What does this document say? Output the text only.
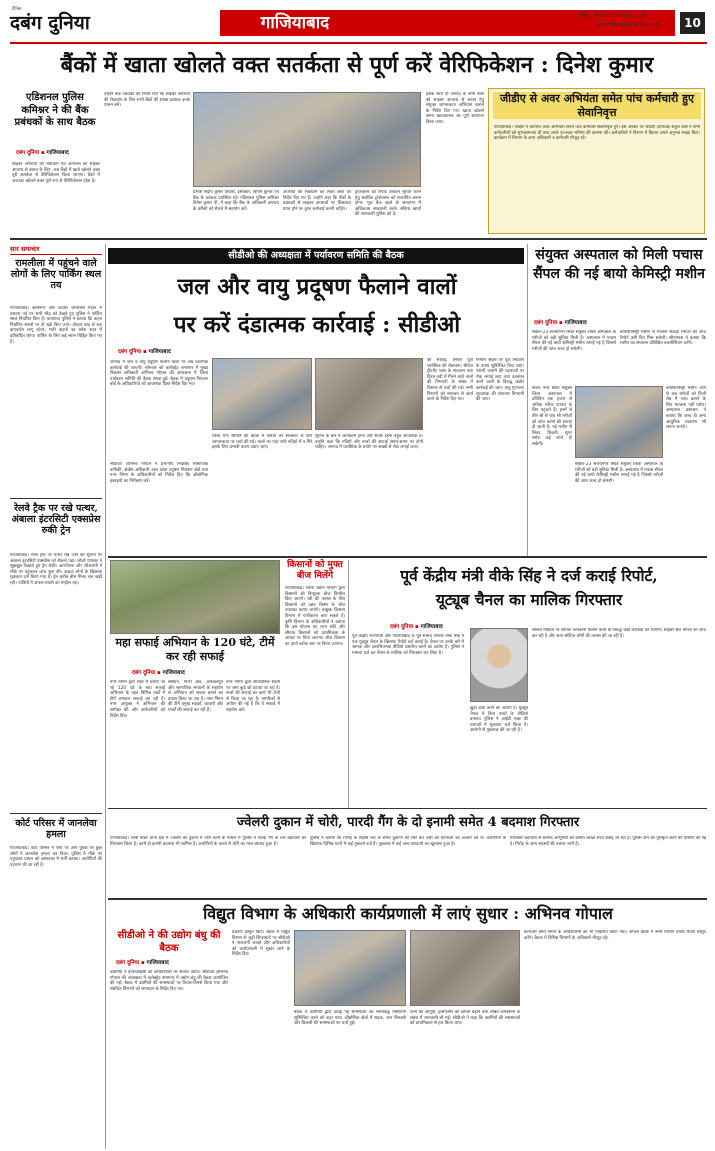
दैनिक
दबंग दुनिया	गाजियाबाद	रायपुर, मंगलवार । अक्टूबर 2024
www.dabangdunia.co.in	10
बैंकों में खाता खोलते वक्त सतर्कता से पूर्ण करें वेरिफिकेशन : दिनेश कुमार
एडिशनल पुलिस कमिश्नर ने की बैंक प्रबंधकों के साथ बैठक
दबंग दुनिया ▪ गाजियाबाद
साइबर अपराधों की रोकथाम एवं आमजन को साइबर अपराध से बचाव के लिए, अब बैंकों में खाते खोलने वक्त पूरी सतर्कता से वेरिफिकेशन किया जाएगा। बैंकों में अकाउंट खोलते वक्त पूर्ण रूप से वेरिफिकेशन होता है।
उन्होंने बैंक प्रबंधकों को निर्देश दिए कि साइबर अपराधों की रोकथाम के लिए सभी बैंकों की शाखा प्रबंधक इनके पालन करें।
प्रभारी संदीप कुमार तिवारी, इंस्पेक्टर, विपिन कुमार एवं बैंक के प्रबंधक उपस्थित रहे। एडिशनल पुलिस कमिश्नर दिनेश कुमार पी. ने कहा कि बैंक के अधिकारी अपराध के तरीकों को रोकने में सहयोग करें।
अपराधों की रोकथाम को लेकर बैंकों को निर्देश दिए गए हैं। उन्होंने कहा कि बैंकों के प्रबंधकों से साइबर अपराधों पर शिकायत प्राप्त होने पर तुरंत कार्रवाई करनी चाहिए।
इसके साथ ही जनपद के सभी बैंकों को साइबर अपराध से बचाव हेतु संयुक्त जागरूकता अभियान चलाने के निर्देश दिए गए। खाता खोलने समय खाताधारक का पूर्ण सत्यापन किया जाए।
ट्रांजेक्शन की रिपोर्ट तत्काल सूचित करने हेतु संबंधित ट्रांजेक्शन को सत्यापित करना होगा। मूल बैंक खाते के सत्यापन में अधिकतम सावधानी बरतें। संदिग्ध खातों की जानकारी पुलिस को दें।
जीडीए से अवर अभियंता समेत पांच कर्मचारी हुए सेवानिवृत्त
गाजियाबाद। जीडीए में कार्यरत अवर अभियंता समेत पांच कर्मचारी सेवानिवृत्त हुए। इस अवसर पर जीडीए उपाध्यक्ष अतुल वत्स ने सभी कर्मचारियों को शुभकामनाएं दीं तथा उनके उज्ज्वल भविष्य की कामना की। कर्मचारियों ने विभाग में बिताए अपने अनुभव साझा किए। कार्यक्रम में विभाग के अन्य अधिकारी व कर्मचारी मौजूद रहे।
सार समाचार
रामलीला में पहुंचने वाले लोगों के लिए पार्किंग स्थल तय
गाजियाबाद। कविनगर और घंटाघर रामलीला मैदान में दशहरा पर्व पर भारी भीड़ को देखते हुए पुलिस ने पार्किंग स्थल निर्धारित किए हैं। यातायात पुलिस ने बताया कि वाहन निर्धारित स्थानों पर ही खड़े किए जाएं। दोपहर बाद से रूट डायवर्जन लागू रहेगा। भारी वाहनों का प्रवेश शहर में प्रतिबंधित रहेगा। पार्किंग के लिए कई स्थान चिह्नित किए गए हैं।
रेलवे ट्रैक पर रखे पत्थर, अंबाला इंटरसिटी एक्सप्रेस रुकी ट्रेन
गाजियाबाद। रेलवे ट्रैक पर पत्थर रखे जाने की सूचना पर अंबाला इंटरसिटी एक्सप्रेस को रोकना पड़ा। लोको पायलट ने सूझबूझ दिखाते हुए ट्रेन रोकी। आरपीएफ और जीआरपी ने मौके पर पहुंचकर जांच शुरू की। अज्ञात लोगों के खिलाफ मुकदमा दर्ज किया गया है। ट्रेन करीब बीस मिनट तक खड़ी रही। यात्रियों में अफरा-तफरी का माहौल रहा।
कोर्ट परिसर में जानलेवा हमला
गाजियाबाद। कोर्ट परिसर में पेशी पर आए युवक पर कुछ लोगों ने जानलेवा हमला कर दिया। पुलिस ने मौके पर पहुंचकर घायल को अस्पताल में भर्ती कराया। आरोपियों की पहचान की जा रही है।
सीडीओ की अध्यक्षता में पर्यावरण समिति की बैठक
जल और वायु प्रदूषण फैलाने वालों
पर करें दंडात्मक कार्रवाई : सीडीओ
दबंग दुनिया ▪ गाजियाबाद
जनपद में जल व वायु प्रदूषण फैलाने वालों पर अब दंडात्मक कार्रवाई की जाएगी। सोमवार को कलेक्ट्रेट सभागार में मुख्य विकास अधिकारी अभिनव गोपाल की अध्यक्षता में जिला पर्यावरण समिति की बैठक संपन्न हुई। बैठक में प्रदूषण नियंत्रण बोर्ड के अधिकारियों को आवश्यक दिशा-निर्देश दिए गए।
सीडीओ अभिनव गोपाल ने प्रभागीय निदेशक सामाजिक वानिकी, क्षेत्रीय अधिकारी उत्तर प्रदेश प्रदूषण नियंत्रण बोर्ड तथा नगर निगम के अधिकारियों को निर्देश दिए कि औद्योगिक इकाइयों का निरीक्षण करें।
जिला गंगा समिति की बैठक में नदियों की स्वच्छता के प्रति जागरूकता पर चर्चा की गई। नालों का गंदा पानी नदियों में न गिरे इसके लिए प्रभावी कदम उठाए जाएं।
सूचना के बारे में जानकारी होना और सतर्क रहना बहुत आवश्यक है। उन्होंने कहा कि नदियों और नालों की सफाई समय-समय पर होनी चाहिए। जनपद में प्लास्टिक के प्रयोग पर सख्ती से रोक लगाई जाए।
की सफाई, सिंगल यूज प्लास्टिक की रोकथाम, सीवेज ट्रीटमेंट प्लांट के संचालन तथा हिंडन नदी में गिरने वाले नालों की निगरानी के संबंध में विस्तार से चर्चा की गई। सभी विभागों को समन्वय से कार्य करने के निर्देश दिए गए।
निर्माण स्थलों पर धूल नियंत्रण के उपाय सुनिश्चित किए जाएं। पराली जलाने की घटनाओं पर रोक लगाई जाए तथा उल्लंघन करने वालों के विरुद्ध कठोर कार्रवाई की जाए। वायु गुणवत्ता सूचकांक की लगातार निगरानी की जाए।
संयुक्त अस्पताल को मिली पचास सैंपल की नई बायो केमिस्ट्री मशीन
दबंग दुनिया ▪ गाजियाबाद
सेक्टर-23 संजयनगर स्थित संयुक्त जिला अस्पताल के मरीजों को बड़ी सुविधा मिली है। अस्पताल में पचास सैंपल की नई बायो केमिस्ट्री मशीन लगाई गई है जिससे मरीजों की जांच जल्द हो सकेगी।
बायोकेमिस्ट्री मशीन से रोजाना सैकड़ों मरीजों की जांच रिपोर्ट उसी दिन मिल सकेगी। सीएमएस ने बताया कि मशीन का संचालन प्रशिक्षित तकनीशियन करेंगे।
संजय नगर स्थित संयुक्त जिला अस्पताल में प्रतिदिन एक हजार से अधिक मरीज उपचार के लिए पहुंचते हैं। इनमें से तीन सौ से पांच सौ मरीजों को जांच कराने की सलाह दी जाती है। नई मशीन से लिवर, किडनी, शुगर समेत कई जांचें हो सकेंगी।
बायोकेमिस्ट्री मशीन आने से अब मरीजों को निजी लैब में जांच कराने के लिए भटकना नहीं पड़ेगा। अस्पताल प्रशासन ने बताया कि जल्द ही अन्य आधुनिक उपकरण भी लगाए जाएंगे।
सेक्टर-23 संजयनगर स्थित संयुक्त जिला अस्पताल के मरीजों को बड़ी सुविधा मिली है। अस्पताल में पचास सैंपल की नई बायो केमिस्ट्री मशीन लगाई गई है जिससे मरीजों की जांच जल्द हो सकेगी।
महा सफाई अभियान के 120 घंटे, टीमें कर रही सफाई
दबंग दुनिया ▪ गाजियाबाद
नगर निगम द्वारा शहर में चलाए जा रहे 120 घंटे के महा सफाई अभियान के तहत विभिन्न वार्डों में टीमें लगातार सफाई कर रही हैं। नगर आयुक्त ने अभियान की समीक्षा की और कर्मचारियों को निर्देश दिए।
संस्थान, निजी क्षेत्र, आरडब्ल्यूए और सामाजिक संगठनों के सहयोग से अभियान को सफल बनाने का प्रयास किया जा रहा है। नगर निगम की टीमें प्रमुख सड़कों, बाजारों और पार्कों की सफाई कर रही हैं।
नगर निगम द्वारा सार्वजनिक स्थलों पर जमा कूड़े को हटाया जा रहा है। नालों की सफाई का कार्य भी तेजी से किया जा रहा है। नागरिकों से अपील की गई है कि वे सफाई में सहयोग करें।
किसानों को मुफ्त बीज मिलेंगे
गाजियाबाद। जिला उद्यान विभाग द्वारा किसानों को निःशुल्क बीज वितरित किए जाएंगे। रबी की फसल के लिए किसानों को उन्नत किस्म के बीज उपलब्ध कराए जाएंगे। इच्छुक किसान विभाग में पंजीकरण करा सकते हैं। कृषि विभाग के अधिकारियों ने बताया कि इस योजना का लाभ छोटे और सीमांत किसानों को प्राथमिकता के आधार पर दिया जाएगा। बीज वितरण का कार्य ब्लॉक स्तर पर किया जाएगा।
पूर्व केंद्रीय मंत्री वीके सिंह ने दर्ज कराई रिपोर्ट,
यूट्यूब चैनल का मालिक गिरफ्तार
दबंग दुनिया ▪ गाजियाबाद
पूर्व केंद्रीय राज्यमंत्री और गाजियाबाद के पूर्व सांसद जनरल वीके सिंह ने एक यूट्यूब चैनल के खिलाफ रिपोर्ट दर्ज कराई है। चैनल पर उनके बारे में भ्रामक और आपत्तिजनक वीडियो प्रसारित करने का आरोप है। पुलिस ने मामला दर्ज कर चैनल के मालिक को गिरफ्तार कर लिया है।
झूठा दावा करने का आरोप है। यूट्यूब चैनल ने बिना तथ्यों के वीडियो बनाया। पुलिस ने आईटी एक्ट की धाराओं में मुकदमा दर्ज किया है। आरोपी से पूछताछ की जा रही है।
सोशल मीडिया पर भ्रामक जानकारी फैलाने वालों के विरुद्ध कड़ी कार्रवाई की जाएगी। साइबर सेल मामले की जांच कर रही है और अन्य संलिप्त लोगों की तलाश की जा रही है।
ज्वेलरी दुकान में चोरी, पारदी गैंग के दो इनामी समेत 4 बदमाश गिरफ्तार
गाजियाबाद। लोनी बॉर्डर थाना क्षेत्र में ज्वेलरी की दुकान में चोरी करने के मामले में पुलिस ने पारदी गैंग के चार बदमाशों को गिरफ्तार किया है। इनमें दो इनामी बदमाश भी शामिल हैं। आरोपियों के कब्जे से चोरी का माल बरामद हुआ है।
पुलिस ने बताया कि गिरोह के सदस्य रात के समय दुकानों की रेकी कर चोरी की घटनाओं को अंजाम देते थे। आरोपियों के खिलाफ विभिन्न थानों में कई मुकदमे दर्ज हैं। पूछताछ में कई अन्य वारदातों का खुलासा हुआ है।
गिरफ्तार बदमाशों से बरामद आभूषणों की कीमत लाखों रुपये बताई जा रही है। पुलिस टीम को पुरस्कृत करने की घोषणा की गई है। गिरोह के अन्य सदस्यों की तलाश जारी है।
विद्युत विभाग के अधिकारी कार्यप्रणाली में लाएं सुधार : अभिनव गोपाल
सीडीओ ने की उद्योग बंधु की बैठक
दबंग दुनिया ▪ गाजियाबाद
उद्यमियों ने ईएसआईसी की कार्यप्रणाली पर सवाल उठाए। सीडीओ अभिनव गोपाल की अध्यक्षता में कलेक्ट्रेट सभागार में उद्योग बंधु की बैठक आयोजित की गई। बैठक में उद्यमियों की समस्याओं पर विचार-विमर्श किया गया और संबंधित विभागों को समाधान के निर्देश दिए गए।
प्रकरण प्रस्तुत किए। बैठक में विद्युत विभाग से जुड़ी शिकायतों पर सीडीओ ने नाराजगी जताई और अधिकारियों को कार्यप्रणाली में सुधार लाने के निर्देश दिए।
बैठक में उद्यमियों द्वारा उठाई गई समस्याओं का समयबद्ध निस्तारण सुनिश्चित करने को कहा गया। औद्योगिक क्षेत्रों में सड़क, जल निकासी और बिजली की समस्याओं पर चर्चा हुई।
पानी की आपूर्ति, ट्रांसफार्मर की क्षमता बढ़ाने तथा लंबित कनेक्शनों के संबंध में जानकारी ली गई। सीडीओ ने कहा कि उद्यमियों की समस्याओं को प्राथमिकता से हल किया जाए।
कर्मचारी बीमा निगम के अधिकारियों को भी निर्देशित किया गया। अगली बैठक में सभी विभाग प्रगति रिपोर्ट प्रस्तुत करेंगे। बैठक में विभिन्न विभागों के अधिकारी मौजूद रहे।
